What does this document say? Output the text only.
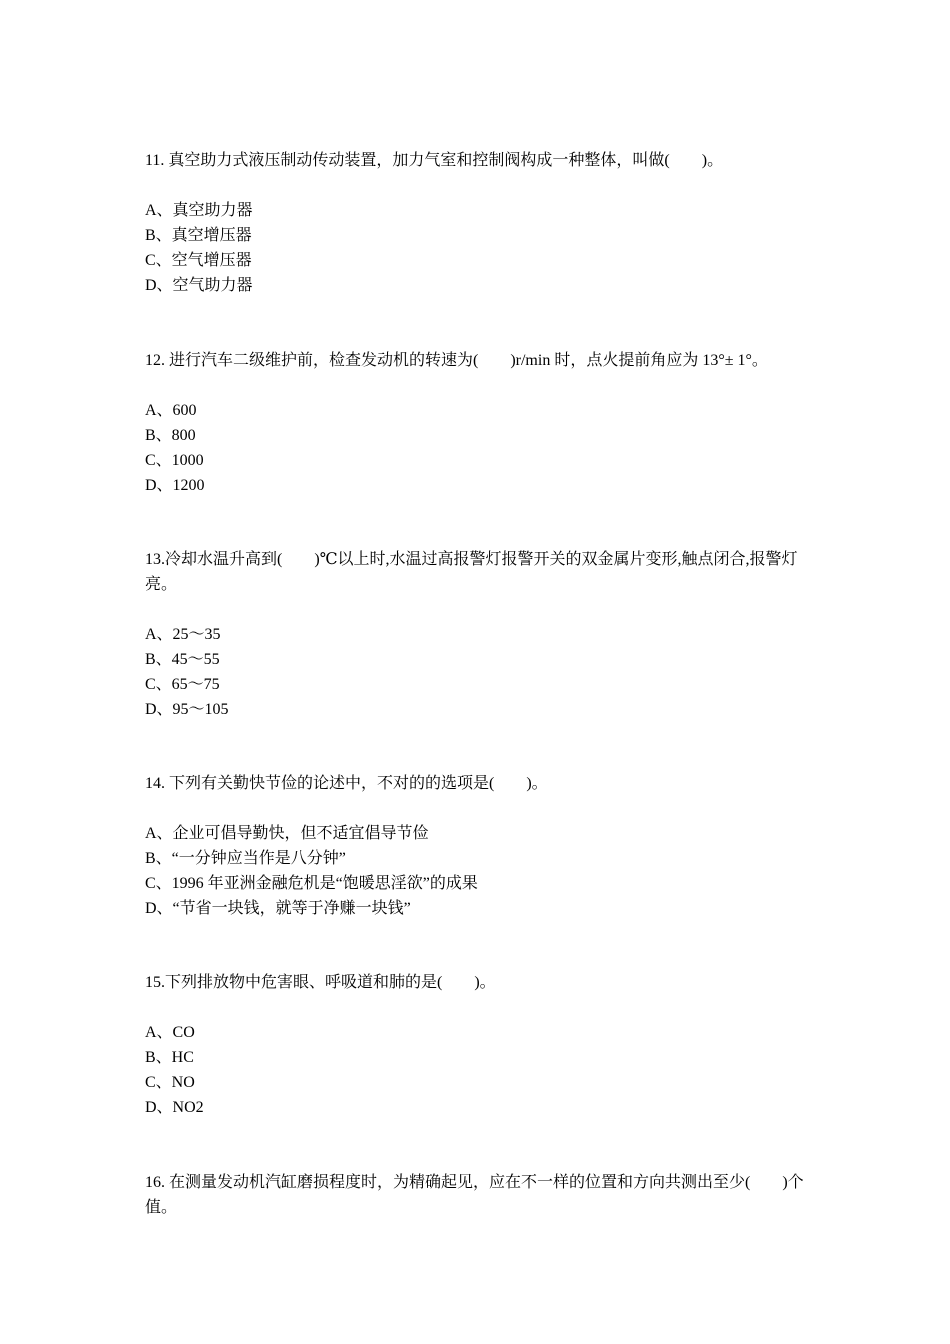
11. 真空助力式液压制动传动装置，加力气室和控制阀构成一种整体，叫做(　　)。

A、真空助力器
B、真空增压器
C、空气增压器
D、空气助力器

12. 进行汽车二级维护前，检查发动机的转速为(　　)r/min 时，点火提前角应为 13°± 1°。

A、600
B、800
C、1000
D、1200

13.冷却水温升高到(　　)℃以上时,水温过高报警灯报警开关的双金属片变形,触点闭合,报警灯亮。

A、25～35
B、45～55
C、65～75
D、95～105

14. 下列有关勤快节俭的论述中，不对的的选项是(　　)。

A、企业可倡导勤快，但不适宜倡导节俭
B、“一分钟应当作是八分钟”
C、1996 年亚洲金融危机是“饱暖思淫欲”的成果
D、“节省一块钱，就等于净赚一块钱”

15.下列排放物中危害眼、呼吸道和肺的是(　　)。

A、CO
B、HC
C、NO
D、NO2

16. 在测量发动机汽缸磨损程度时，为精确起见，应在不一样的位置和方向共测出至少(　　)个值。
